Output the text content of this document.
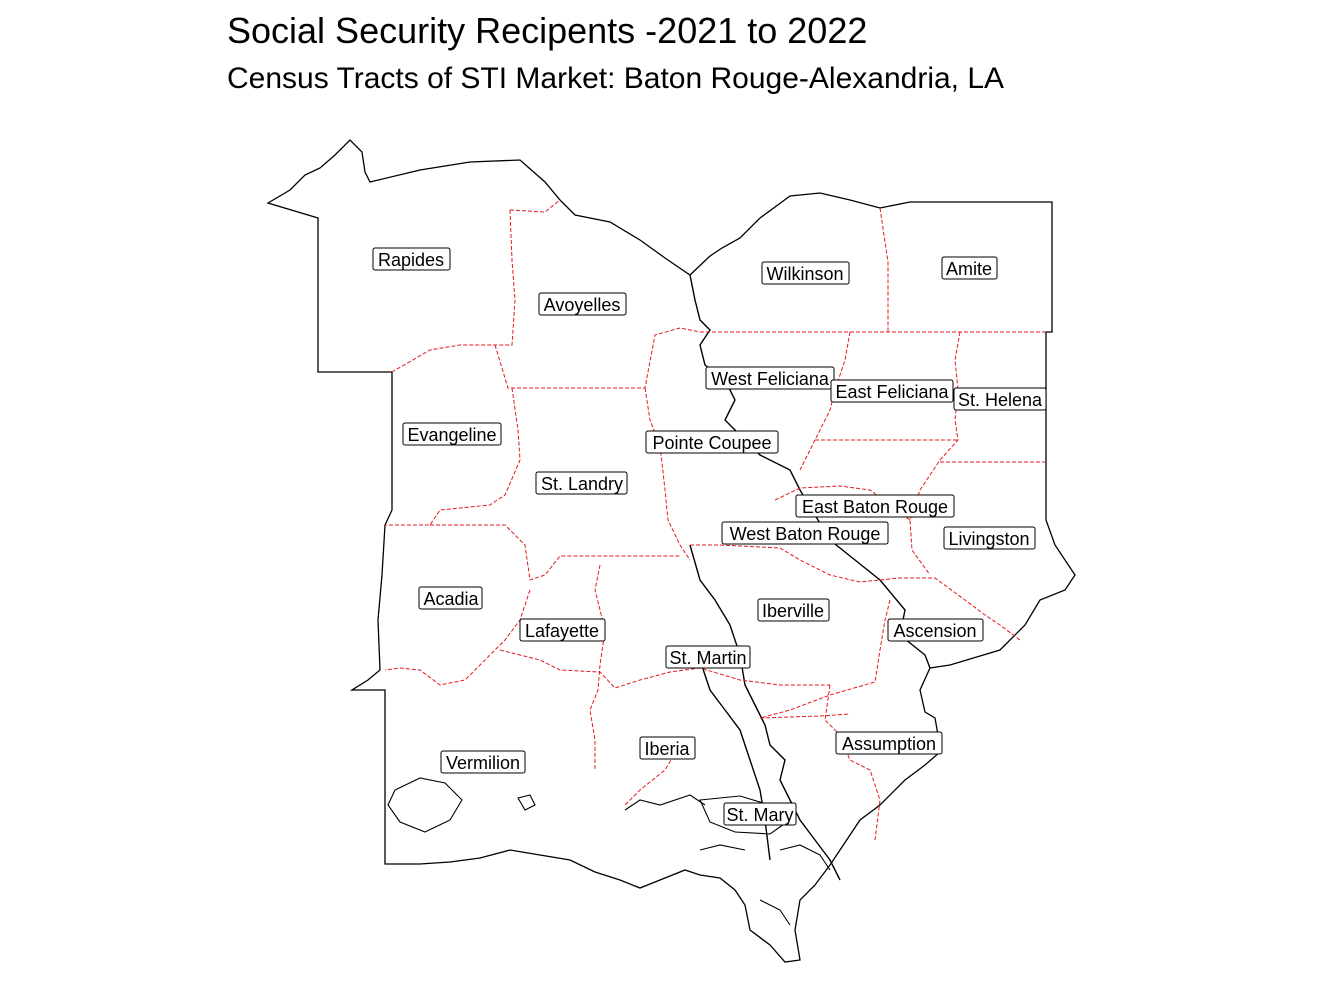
Social Security Recipents -2021 to 2022
Census Tracts of STI Market: Baton Rouge-Alexandria, LA
Rapides
Avoyelles
Wilkinson	Amite
West Feliciana
East Feliciana St. Helena
Evangeline	Pointe Coupee
St. Landry
East Baton Rouge
West Baton Rouge	Livingston
Acadia
Iberville
Lafayette	Ascension
St. Martin
Assumption
Iberia
Vermilion
St. Mary
